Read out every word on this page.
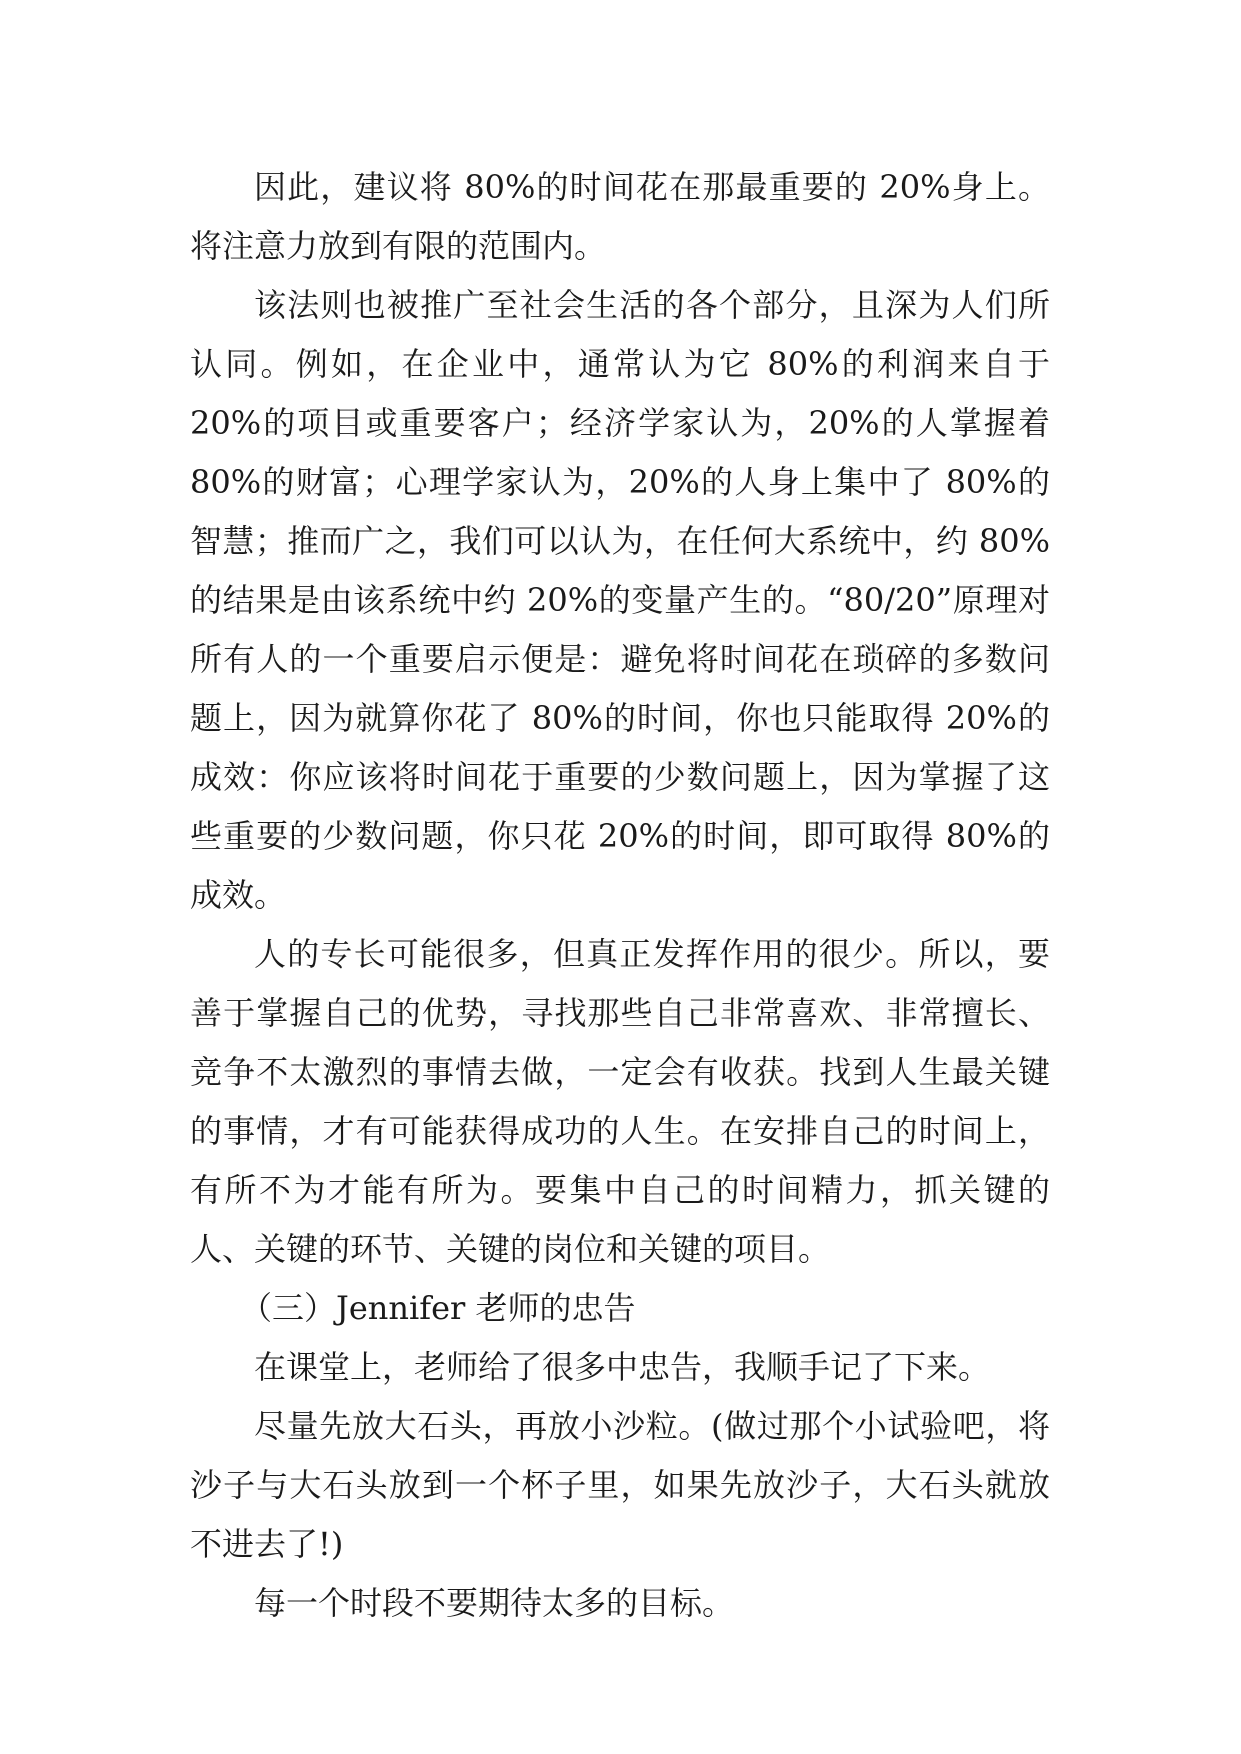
因此，建议将 80%的时间花在那最重要的 20%身上。将注意力放到有限的范围内。

该法则也被推广至社会生活的各个部分，且深为人们所认同。例如，在企业中，通常认为它 80%的利润来自于 20%的项目或重要客户；经济学家认为，20%的人掌握着 80%的财富；心理学家认为，20%的人身上集中了 80%的智慧；推而广之，我们可以认为，在任何大系统中，约 80%的结果是由该系统中约 20%的变量产生的。“80/20”原理对所有人的一个重要启示便是：避免将时间花在琐碎的多数问题上，因为就算你花了 80%的时间，你也只能取得 20%的成效：你应该将时间花于重要的少数问题上，因为掌握了这些重要的少数问题，你只花 20%的时间，即可取得 80%的成效。

人的专长可能很多，但真正发挥作用的很少。所以，要善于掌握自己的优势，寻找那些自己非常喜欢、非常擅长、竞争不太激烈的事情去做，一定会有收获。找到人生最关键的事情，才有可能获得成功的人生。在安排自己的时间上，有所不为才能有所为。要集中自己的时间精力，抓关键的人、关键的环节、关键的岗位和关键的项目。

（三）Jennifer 老师的忠告

在课堂上，老师给了很多中忠告，我顺手记了下来。

尽量先放大石头，再放小沙粒。(做过那个小试验吧，将沙子与大石头放到一个杯子里，如果先放沙子，大石头就放不进去了!)

每一个时段不要期待太多的目标。
